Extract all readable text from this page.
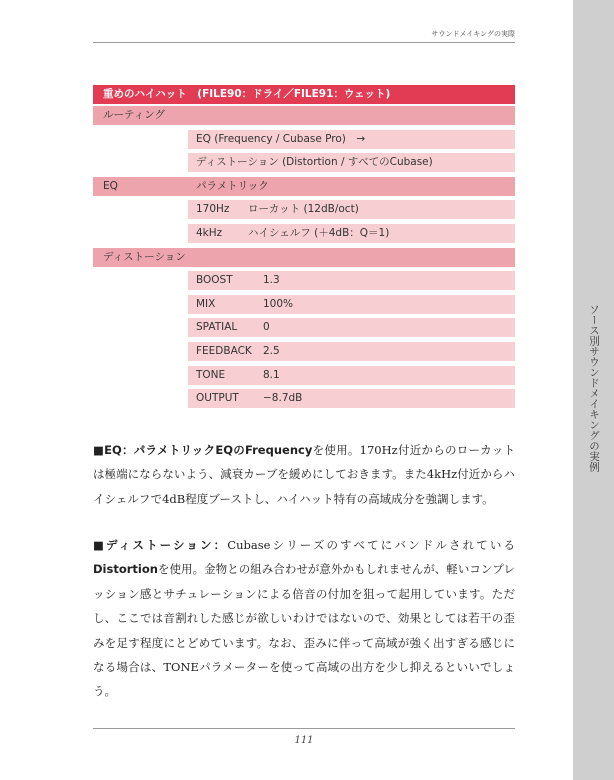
サウンドメイキングの実際
ソース別サウンドメイキングの実例
重めのハイハット　(FILE90：ドライ／FILE91：ウェット)
ルーティング
EQ (Frequency / Cubase Pro)　→
ディストーション (Distortion / すべてのCubase)
EQ	パラメトリック
170Hz ローカット (12dB/oct)
4kHz ハイシェルフ (＋4dB：Q＝1)
ディストーション
BOOST	1.3
MIX	100%
SPATIAL 0
FEEDBACK 2.5
TONE	8.1
OUTPUT −8.7dB
■EQ：パラメトリックEQのFrequencyを使用。170Hz付近からのローカットは極端にならないよう、減衰カーブを緩めにしておきます。また4kHz付近からハイシェルフで4dB程度ブーストし、ハイハット特有の高域成分を強調します。
■ディストーション：CubaseシリーズのすべてにバンドルされているDistortionを使用。金物との組み合わせが意外かもしれませんが、軽いコンプレッション感とサチュレーションによる倍音の付加を狙って起用しています。ただし、ここでは音割れした感じが欲しいわけではないので、効果としては若干の歪みを足す程度にとどめています。なお、歪みに伴って高域が強く出すぎる感じになる場合は、TONEパラメーターを使って高域の出方を少し抑えるといいでしょう。
111
